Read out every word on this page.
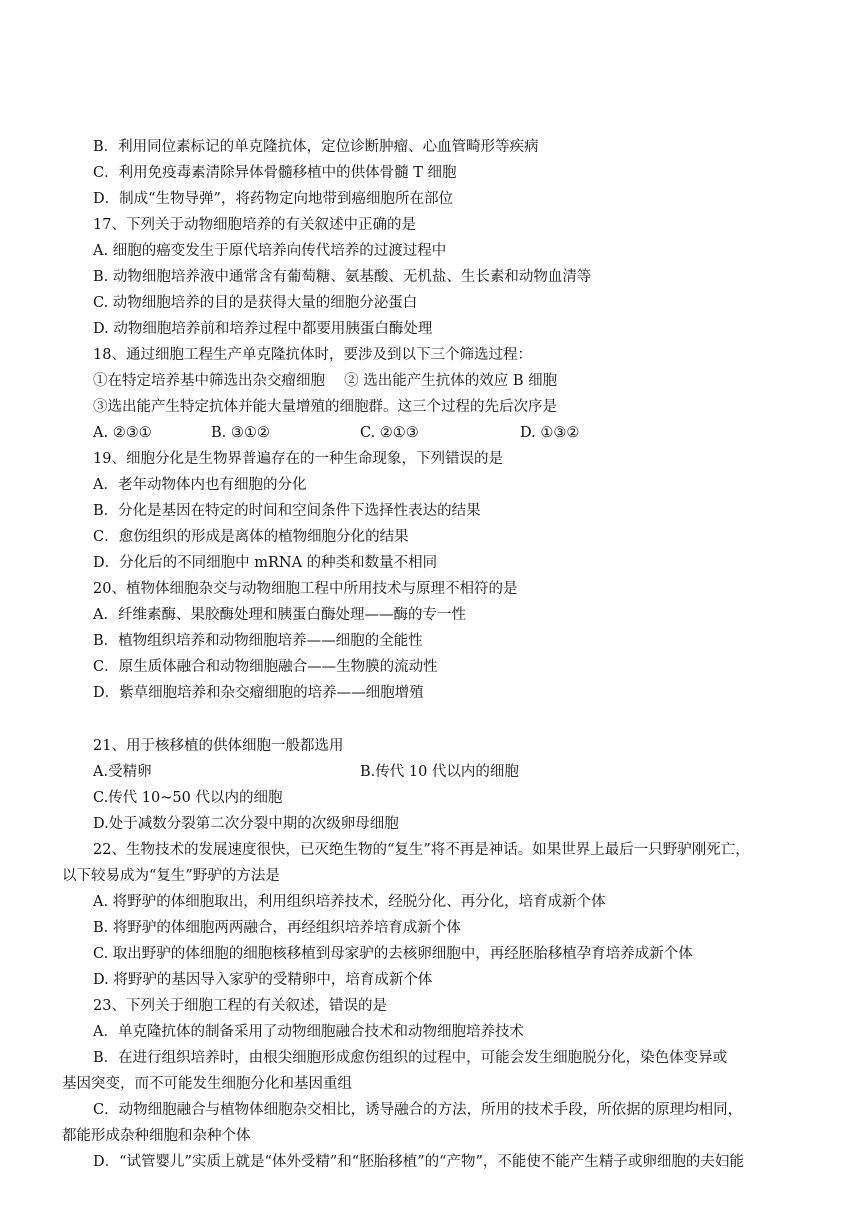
B．利用同位素标记的单克隆抗体，定位诊断肿瘤、心血管畸形等疾病
C．利用免疫毒素清除异体骨髓移植中的供体骨髓 T 细胞
D．制成“生物导弹”，将药物定向地带到癌细胞所在部位
17、下列关于动物细胞培养的有关叙述中正确的是
A. 细胞的癌变发生于原代培养向传代培养的过渡过程中
B. 动物细胞培养液中通常含有葡萄糖、氨基酸、无机盐、生长素和动物血清等
C. 动物细胞培养的目的是获得大量的细胞分泌蛋白
D. 动物细胞培养前和培养过程中都要用胰蛋白酶处理
18、通过细胞工程生产单克隆抗体时，要涉及到以下三个筛选过程：
①在特定培养基中筛选出杂交瘤细胞　 ② 选出能产生抗体的效应 B 细胞
③选出能产生特定抗体并能大量增殖的细胞群。这三个过程的先后次序是
A. ②③①	B. ③①②	C. ②①③	D. ①③②
19、细胞分化是生物界普遍存在的一种生命现象，下列错误的是
A．老年动物体内也有细胞的分化
B．分化是基因在特定的时间和空间条件下选择性表达的结果
C．愈伤组织的形成是离体的植物细胞分化的结果
D．分化后的不同细胞中 mRNA 的种类和数量不相同
20、植物体细胞杂交与动物细胞工程中所用技术与原理不相符的是
A．纤维素酶、果胶酶处理和胰蛋白酶处理——酶的专一性
B．植物组织培养和动物细胞培养——细胞的全能性
C．原生质体融合和动物细胞融合——生物膜的流动性
D．紫草细胞培养和杂交瘤细胞的培养——细胞增殖
21、用于核移植的供体细胞一般都选用
A.受精卵	B.传代 10 代以内的细胞
C.传代 10~50 代以内的细胞
D.处于减数分裂第二次分裂中期的次级卵母细胞
22、生物技术的发展速度很快，已灭绝生物的“复生”将不再是神话。如果世界上最后一只野驴刚死亡，
以下较易成为“复生”野驴的方法是
A. 将野驴的体细胞取出，利用组织培养技术，经脱分化、再分化，培育成新个体
B. 将野驴的体细胞两两融合，再经组织培养培育成新个体
C. 取出野驴的体细胞的细胞核移植到母家驴的去核卵细胞中，再经胚胎移植孕育培养成新个体
D. 将野驴的基因导入家驴的受精卵中，培育成新个体
23、下列关于细胞工程的有关叙述，错误的是
A．单克隆抗体的制备采用了动物细胞融合技术和动物细胞培养技术
B．在进行组织培养时，由根尖细胞形成愈伤组织的过程中，可能会发生细胞脱分化，染色体变异或
基因突变，而不可能发生细胞分化和基因重组
C．动物细胞融合与植物体细胞杂交相比，诱导融合的方法，所用的技术手段，所依据的原理均相同，
都能形成杂种细胞和杂种个体
D．“试管婴儿”实质上就是“体外受精”和“胚胎移植”的“产物”，不能使不能产生精子或卵细胞的夫妇能
